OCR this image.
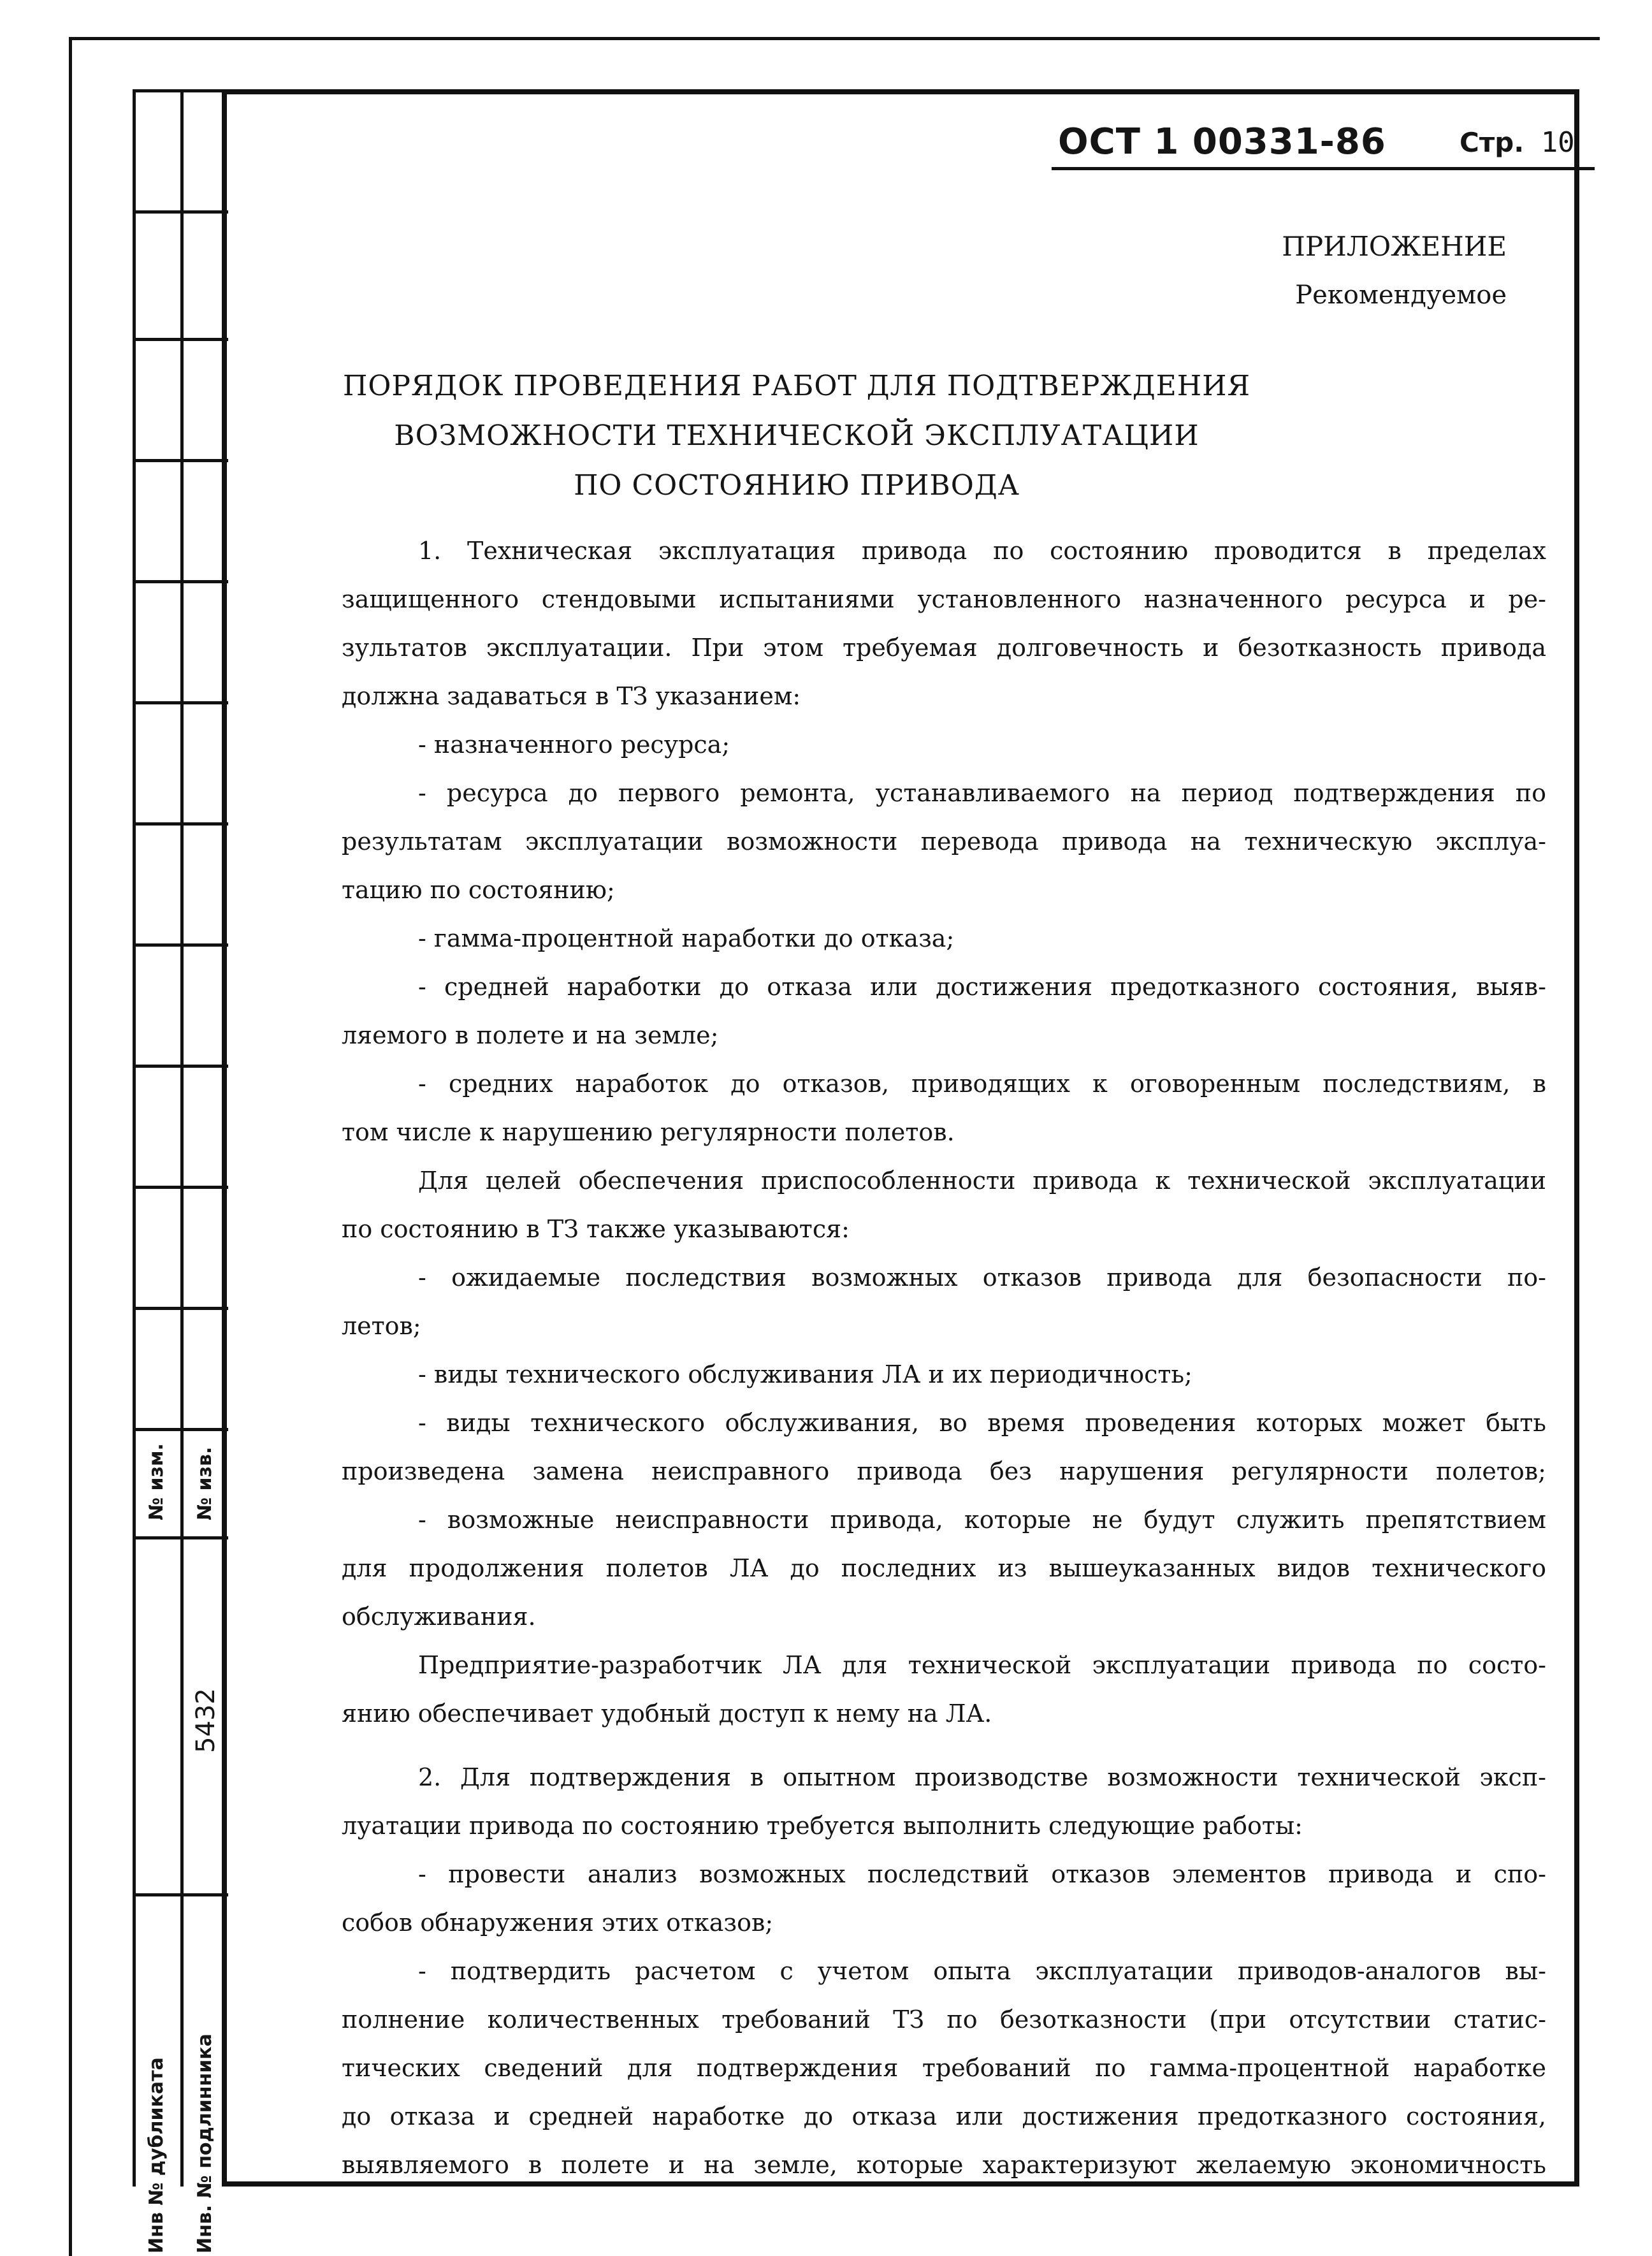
№ изм. № изв.
5432
Инв № дубликата Инв. № подлинника
ОСТ 1 00331-86	Стр. 10
ПРИЛОЖЕНИЕ
Рекомендуемое
ПОРЯДОК ПРОВЕДЕНИЯ РАБОТ ДЛЯ ПОДТВЕРЖДЕНИЯ
ВОЗМОЖНОСТИ ТЕХНИЧЕСКОЙ ЭКСПЛУАТАЦИИ
ПО СОСТОЯНИЮ ПРИВОДА
1. Техническая эксплуатация привода по состоянию проводится в пределах
защищенного стендовыми испытаниями установленного назначенного ресурса и ре-
зультатов эксплуатации. При этом требуемая долговечность и безотказность привода
должна задаваться в ТЗ указанием:
- назначенного ресурса;
- ресурса до первого ремонта, устанавливаемого на период подтверждения по
результатам эксплуатации возможности перевода привода на техническую эксплуа-
тацию по состоянию;
- гамма-процентной наработки до отказа;
- средней наработки до отказа или достижения предотказного состояния, выяв-
ляемого в полете и на земле;
- средних наработок до отказов, приводящих к оговоренным последствиям, в
том числе к нарушению регулярности полетов.
Для целей обеспечения приспособленности привода к технической эксплуатации
по состоянию в ТЗ также указываются:
- ожидаемые последствия возможных отказов привода для безопасности по-
летов;
- виды технического обслуживания ЛА и их периодичность;
- виды технического обслуживания, во время проведения которых может быть
произведена замена неисправного привода без нарушения регулярности полетов;
- возможные неисправности привода, которые не будут служить препятствием
для продолжения полетов ЛА до последних из вышеуказанных видов технического
обслуживания.
Предприятие-разработчик ЛА для технической эксплуатации привода по состо-
янию обеспечивает удобный доступ к нему на ЛА.
2. Для подтверждения в опытном производстве возможности технической эксп-
луатации привода по состоянию требуется выполнить следующие работы:
- провести анализ возможных последствий отказов элементов привода и спо-
собов обнаружения этих отказов;
- подтвердить расчетом с учетом опыта эксплуатации приводов-аналогов вы-
полнение количественных требований ТЗ по безотказности (при отсутствии статис-
тических сведений для подтверждения требований по гамма-процентной наработке
до отказа и средней наработке до отказа или достижения предотказного состояния,
выявляемого в полете и на земле, которые характеризуют желаемую экономичность
